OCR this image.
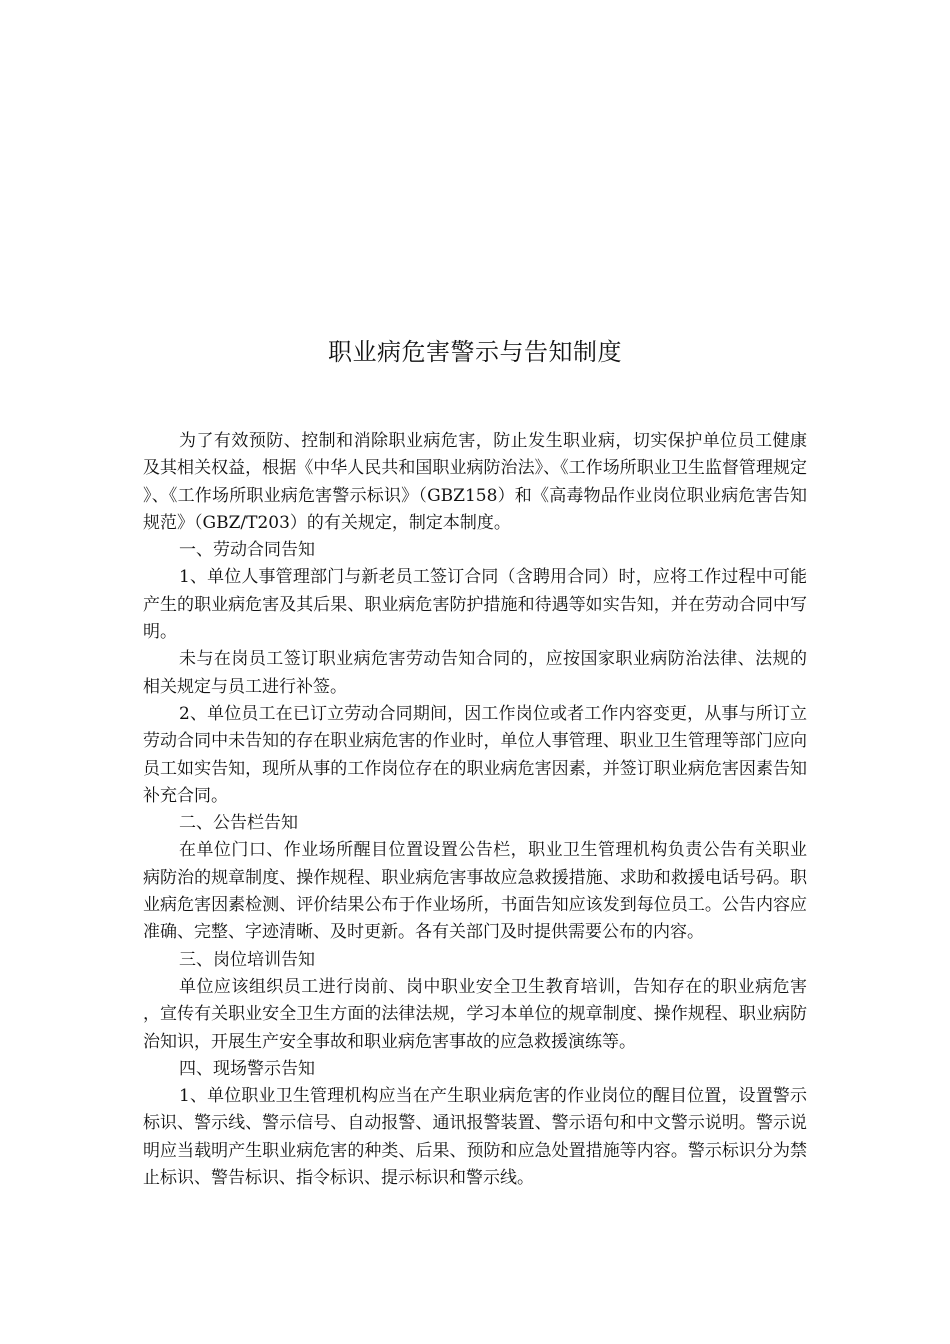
职业病危害警示与告知制度

为了有效预防、控制和消除职业病危害，防止发生职业病，切实保护单位员工健康及其相关权益，根据《中华人民共和国职业病防治法》、《工作场所职业卫生监督管理规定》、《工作场所职业病危害警示标识》（GBZ158）和《高毒物品作业岗位职业病危害告知规范》（GBZ/T203）的有关规定，制定本制度。

一、劳动合同告知

1、单位人事管理部门与新老员工签订合同（含聘用合同）时，应将工作过程中可能产生的职业病危害及其后果、职业病危害防护措施和待遇等如实告知，并在劳动合同中写明。

未与在岗员工签订职业病危害劳动告知合同的，应按国家职业病防治法律、法规的相关规定与员工进行补签。

2、单位员工在已订立劳动合同期间，因工作岗位或者工作内容变更，从事与所订立劳动合同中未告知的存在职业病危害的作业时，单位人事管理、职业卫生管理等部门应向员工如实告知，现所从事的工作岗位存在的职业病危害因素，并签订职业病危害因素告知补充合同。

二、公告栏告知

在单位门口、作业场所醒目位置设置公告栏，职业卫生管理机构负责公告有关职业病防治的规章制度、操作规程、职业病危害事故应急救援措施、求助和救援电话号码。职业病危害因素检测、评价结果公布于作业场所，书面告知应该发到每位员工。公告内容应准确、完整、字迹清晰、及时更新。各有关部门及时提供需要公布的内容。

三、岗位培训告知

单位应该组织员工进行岗前、岗中职业安全卫生教育培训，告知存在的职业病危害，宣传有关职业安全卫生方面的法律法规，学习本单位的规章制度、操作规程、职业病防治知识，开展生产安全事故和职业病危害事故的应急救援演练等。

四、现场警示告知

1、单位职业卫生管理机构应当在产生职业病危害的作业岗位的醒目位置，设置警示标识、警示线、警示信号、自动报警、通讯报警装置、警示语句和中文警示说明。警示说明应当载明产生职业病危害的种类、后果、预防和应急处置措施等内容。警示标识分为禁止标识、警告标识、指令标识、提示标识和警示线。
